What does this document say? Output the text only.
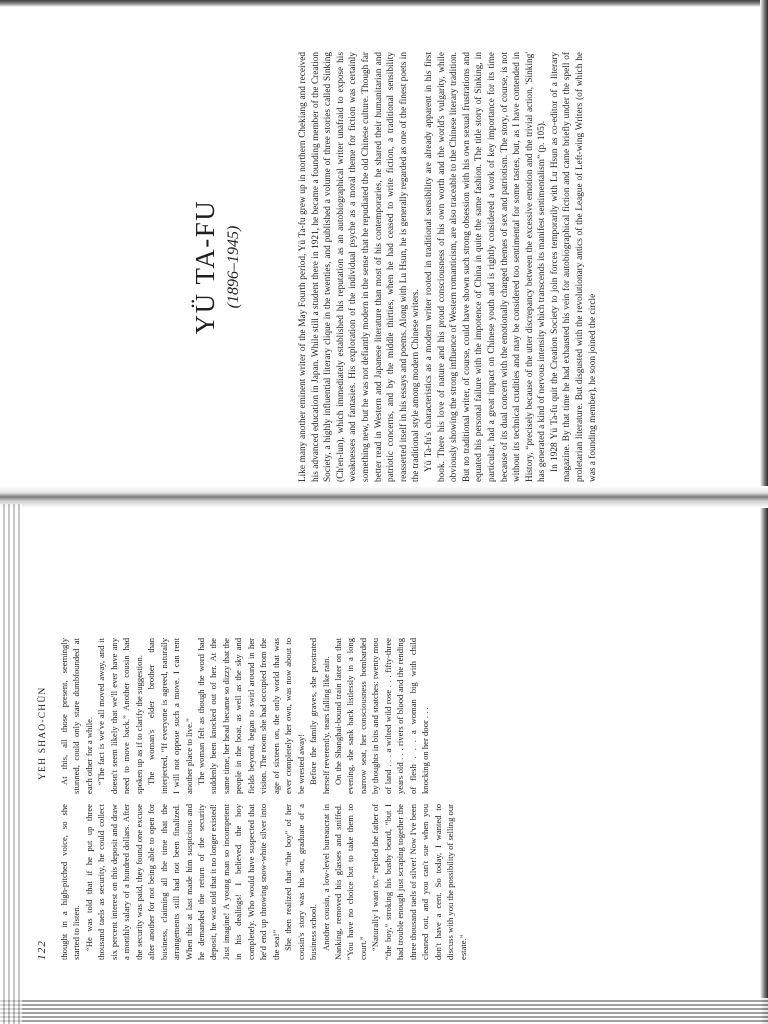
122
YEH SHAO-CHÜN

thought in a high-pitched voice, so she started to listen. “He was told that if he put up three thousand taels as security, he could collect six percent interest on this deposit and draw a monthly salary of a hundred dollars. After the security was paid, they found one excuse after another for not being able to open for business, claiming all the time that the arrangements still had not been finalized. When this at last made him suspicious and he demanded the return of the security deposit, he was told that it no longer existed! Just imagine! A young man so incompetent in his dealings! I believed the boy completely. Who would have suspected that he'd end up throwing snow-white silver into the sea!” She then realized that “the boy” of her cousin's story was his son, graduate of a business school. Another cousin, a low-level bureaucrat in Nanking, removed his glasses and sniffed. “You have no choice but to take them to court.” “Naturally I want to,” replied the father of “the boy,” stroking his bushy beard, “but I had trouble enough just scraping together the three thousand taels of silver! Now I've been cleaned out, and you can't sue when you don't have a cent. So today, I wanted to discuss with you the possibility of selling our estate.”

At this, all those present, seemingly stunned, could only stare dumbfounded at each other for a while. “The fact is we've all moved away, and it doesn't seem likely that we'll ever have any need to move back.” Another cousin had spoken up as if to clarify the suggestion. The woman's elder brother than interjected, “If everyone is agreed, naturally I will not oppose such a move. I can rent another place to live.” The woman felt as though the word had suddenly been knocked out of her. At the same time, her head became so dizzy that the people in the boat, as well as the sky and fields beyond, began to swirl around in her vision. The room she had occupied from the age of sixteen on, the only world that was ever completely her own, was now about to be wrested away! Before the family graves, she prostrated herself reverently, tears falling like rain. On the Shanghai-bound train later on that evening, she sank back listlessly in a long narrow seat, her consciousness bombarded by thoughts in bits and snatches: twenty mou of land . . . a wilted wild rose . . . fifty-three years old . . . rivers of blood and the rending of flesh . . . a woman big with child knocking on her door . . .

YÜ TA-FU (1896–1945)	Like many another eminent writer of the May Fourth period, Yü Ta-fu grew up in northern Chekiang and received his advanced education in Japan. While still a student there in 1921, he became a founding member of the Creation Society, a highly influential literary clique in the twenties, and published a volume of three stories called Sinking (Ch'en-lun), which immediately established his reputation as an autobiographical writer unafraid to expose his weaknesses and fantasies. His exploration of the individual psyche as a moral theme for fiction was certainly something new, but he was not defiantly modern in the sense that he repudiated the old Chinese culture. Though far better read in Western and Japanese literature than most of his contemporaries, he shared their humanitarian and patriotic concerns, and by the middle thirties, when he had ceased to write fiction, a traditional sensibility reasserted itself in his essays and poems. Along with Lu Hsun, he is generally regarded as one of the finest poets in the traditional style among modern Chinese writers. Yü Ta-fu's characteristics as a modern writer rooted in traditional sensibility are already apparent in his first book. There his love of nature and his proud consciousness of his own worth and the world's vulgarity, while obviously showing the strong influence of Western romanticism, are also traceable to the Chinese literary tradition. But no traditional writer, of course, could have shown such strong obsession with his own sexual frustrations and equated his personal failure with the impotence of China in quite the same fashion. The title story of Sinking, in particular, had a great impact on Chinese youth and is rightly considered a work of key importance for its time because of its dual concern with the emotionally charged themes of sex and patriotism. The story, of course, is not without its technical crudities and may be considered too sentimental for some tastes, but, as I have contended in History, “precisely because of the utter discrepancy between the excessive emotion and the trivial action, 'Sinking' has generated a kind of nervous intensity which transcends its manifest sentimentalism” (p. 105). In 1928 Yü Ta-fu quit the Creation Society to join forces temporarily with Lu Hsun as co-editor of a literary magazine. By that time he had exhausted his vein for autobiographical fiction and came briefly under the spell of proletarian literature. But disgusted with the revolutionary antics of the League of Left-wing Writers (of which he was a founding member), he soon joined the circle
